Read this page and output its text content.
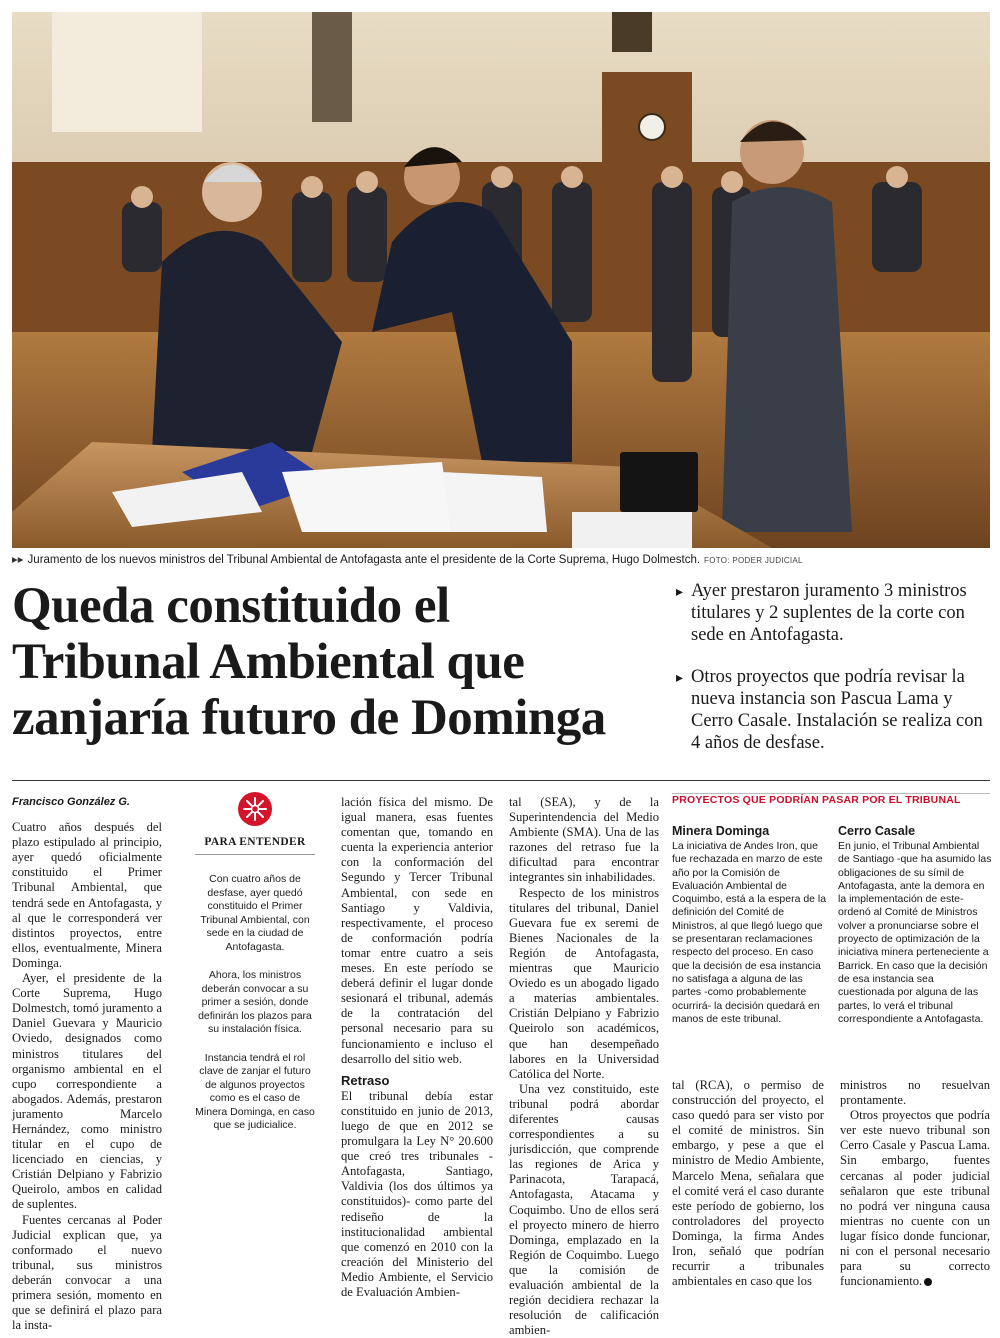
▸▸ Juramento de los nuevos ministros del Tribunal Ambiental de Antofagasta ante el presidente de la Corte Suprema, Hugo Dolmestch. FOTO: PODER JUDICIAL
Queda constituido el
Tribunal Ambiental que
zanjaría futuro de Dominga
▸ Ayer prestaron juramento 3 ministros titulares y 2 suplentes de la corte con sede en Antofagasta.
▸ Otros proyectos que podría revisar la nueva instancia son Pascua Lama y Cerro Casale. Instalación se realiza con 4 años de desfase.

Francisco González G.

Cuatro años después del plazo estipulado al principio, ayer quedó oficialmente constituido el Primer Tribunal Ambiental, que tendrá sede en Antofagasta, y al que le corresponderá ver distintos proyectos, entre ellos, eventualmente, Minera Dominga.

Ayer, el presidente de la Corte Suprema, Hugo Dolmestch, tomó juramento a Daniel Guevara y Mauricio Oviedo, designados como ministros titulares del organismo ambiental en el cupo correspondiente a abogados. Además, prestaron juramento Marcelo Hernández, como ministro titular en el cupo de licenciado en ciencias, y Cristián Delpiano y Fabrizio Queirolo, ambos en calidad de suplentes.

Fuentes cercanas al Poder Judicial explican que, ya conformado el nuevo tribunal, sus ministros deberán convocar a una primera sesión, momento en que se definirá el plazo para la insta-

PARA ENTENDER
Con cuatro años de desfase, ayer quedó constituido el Primer Tribunal Ambiental, con sede en la ciudad de Antofagasta.
Ahora, los ministros deberán convocar a su primer a sesión, donde definirán los plazos para su instalación física.
Instancia tendrá el rol clave de zanjar el futuro de algunos proyectos como es el caso de Minera Dominga, en caso que se judicialice.

lación física del mismo. De igual manera, esas fuentes comentan que, tomando en cuenta la experiencia anterior con la conformación del Segundo y Tercer Tribunal Ambiental, con sede en Santiago y Valdivia, respectivamente, el proceso de conformación podría tomar entre cuatro a seis meses. En este período se deberá definir el lugar donde sesionará el tribunal, además de la contratación del personal necesario para su funcionamiento e incluso el desarrollo del sitio web.

Retraso

El tribunal debía estar constituido en junio de 2013, luego de que en 2012 se promulgara la Ley N° 20.600 que creó tres tribunales -Antofagasta, Santiago, Valdivia (los dos últimos ya constituidos)- como parte del rediseño de la institucionalidad ambiental que comenzó en 2010 con la creación del Ministerio del Medio Ambiente, el Servicio de Evaluación Ambien-

tal (SEA), y de la Superintendencia del Medio Ambiente (SMA). Una de las razones del retraso fue la dificultad para encontrar integrantes sin inhabilidades.

Respecto de los ministros titulares del tribunal, Daniel Guevara fue ex seremi de Bienes Nacionales de la Región de Antofagasta, mientras que Mauricio Oviedo es un abogado ligado a materias ambientales. Cristián Delpiano y Fabrizio Queirolo son académicos, que han desempeñado labores en la Universidad Católica del Norte.

Una vez constituido, este tribunal podrá abordar diferentes causas correspondientes a su jurisdicción, que comprende las regiones de Arica y Parinacota, Tarapacá, Antofagasta, Atacama y Coquimbo. Uno de ellos será el proyecto minero de hierro Dominga, emplazado en la Región de Coquimbo. Luego que la comisión de evaluación ambiental de la región decidiera rechazar la resolución de calificación ambien-

PROYECTOS QUE PODRÍAN PASAR POR EL TRIBUNAL
Minera Dominga

La iniciativa de Andes Iron, que fue rechazada en marzo de este año por la Comisión de Evaluación Ambiental de Coquimbo, está a la espera de la definición del Comité de Ministros, al que llegó luego que se presentaran reclamaciones respecto del proceso. En caso que la decisión de esa instancia no satisfaga a alguna de las partes -como probablemente ocurrirá- la decisión quedará en manos de este tribunal.

Cerro Casale

En junio, el Tribunal Ambiental de Santiago -que ha asumido las obligaciones de su símil de Antofagasta, ante la demora en la implementación de este- ordenó al Comité de Ministros volver a pronunciarse sobre el proyecto de optimización de la iniciativa minera perteneciente a Barrick. En caso que la decisión de esa instancia sea cuestionada por alguna de las partes, lo verá el tribunal correspondiente a Antofagasta.

tal (RCA), o permiso de construcción del proyecto, el caso quedó para ser visto por el comité de ministros. Sin embargo, y pese a que el ministro de Medio Ambiente, Marcelo Mena, señalara que el comité verá el caso durante este período de gobierno, los controladores del proyecto Dominga, la firma Andes Iron, señaló que podrían recurrir a tribunales ambientales en caso que los

ministros no resuelvan prontamente.

Otros proyectos que podría ver este nuevo tribunal son Cerro Casale y Pascua Lama. Sin embargo, fuentes cercanas al poder judicial señalaron que este tribunal no podrá ver ninguna causa mientras no cuente con un lugar físico donde funcionar, ni con el personal necesario para su correcto funcionamiento.
